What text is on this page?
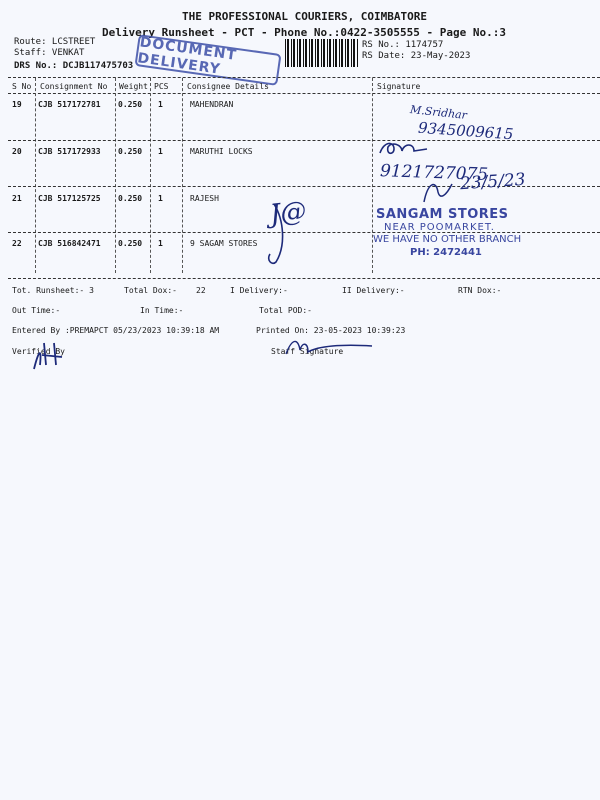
THE PROFESSIONAL COURIERS, COIMBATORE
Delivery Runsheet - PCT - Phone No.:0422-3505555 - Page No.:3
Route: LCSTREET
Staff: VENKAT
DRS No.: DCJB117475703
RS No.: 1174757
RS Date: 23-May-2023
DOCUMENT DELIVERY
S No Consignment No Weight PCS Consignee Details	Signature
19 CJB 517172781 0.250 1	MAHENDRAN
20 CJB 517172933 0.250 1	MARUTHI LOCKS
21 CJB 517125725 0.250 1	RAJESH
22 CJB 516842471 0.250 1	9 SAGAM STORES
M.Sridhar
9345009615
9121727075
23/5/23
J@	SANGAM STORES
NEAR POOMARKET.
WE HAVE NO OTHER BRANCH
PH: 2472441
Tot. Runsheet:- 3	Total Dox:- 22	I Delivery:-	II Delivery:-	RTN Dox:-
Out Time:-	In Time:-	Total POD:-
Entered By :PREMAPCT 05/23/2023 10:39:18 AM	Printed On: 23-05-2023 10:39:23
Verified By	Staff Signature
